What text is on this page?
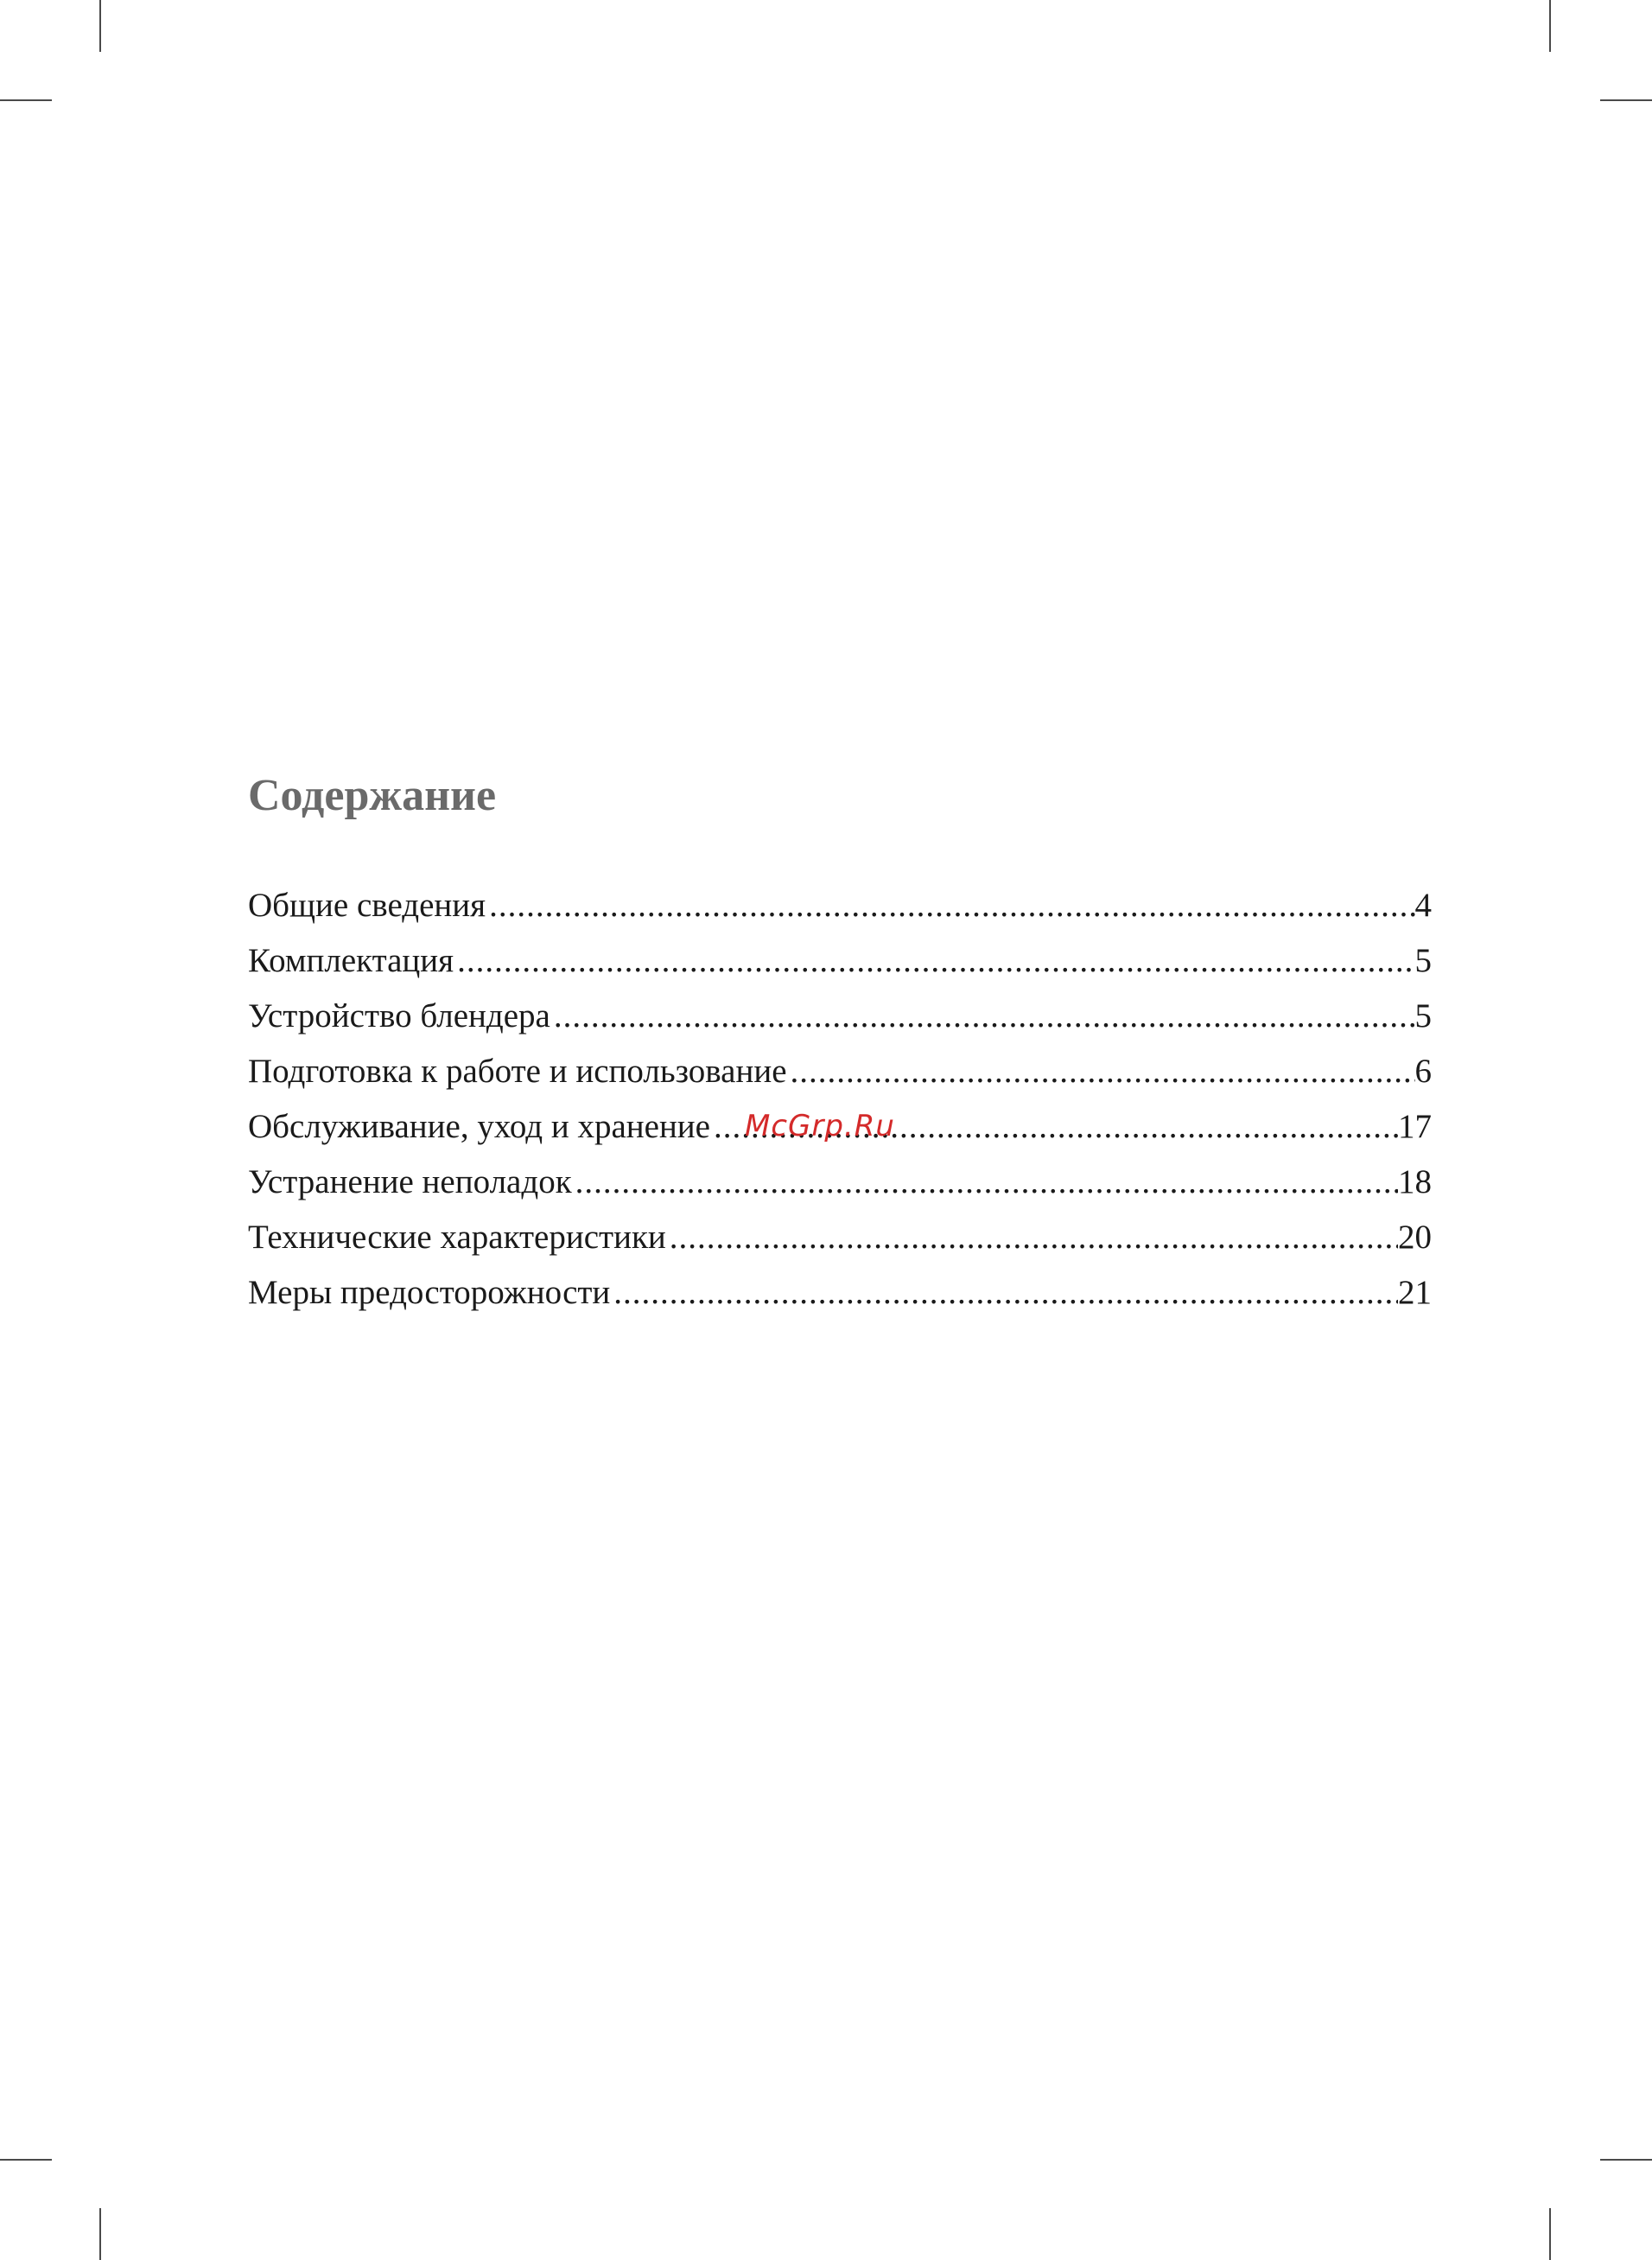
Содержание
Общие сведения .....	4
Комплектация .....	5
Устройство блендера .....	5
Подготовка к работе и использование .....	6
Обслуживание, уход и хранение .....	17
Устранение неполадок .....	18
Технические характеристики .....	20
Меры предосторожности .....	21
McGrp.Ru
